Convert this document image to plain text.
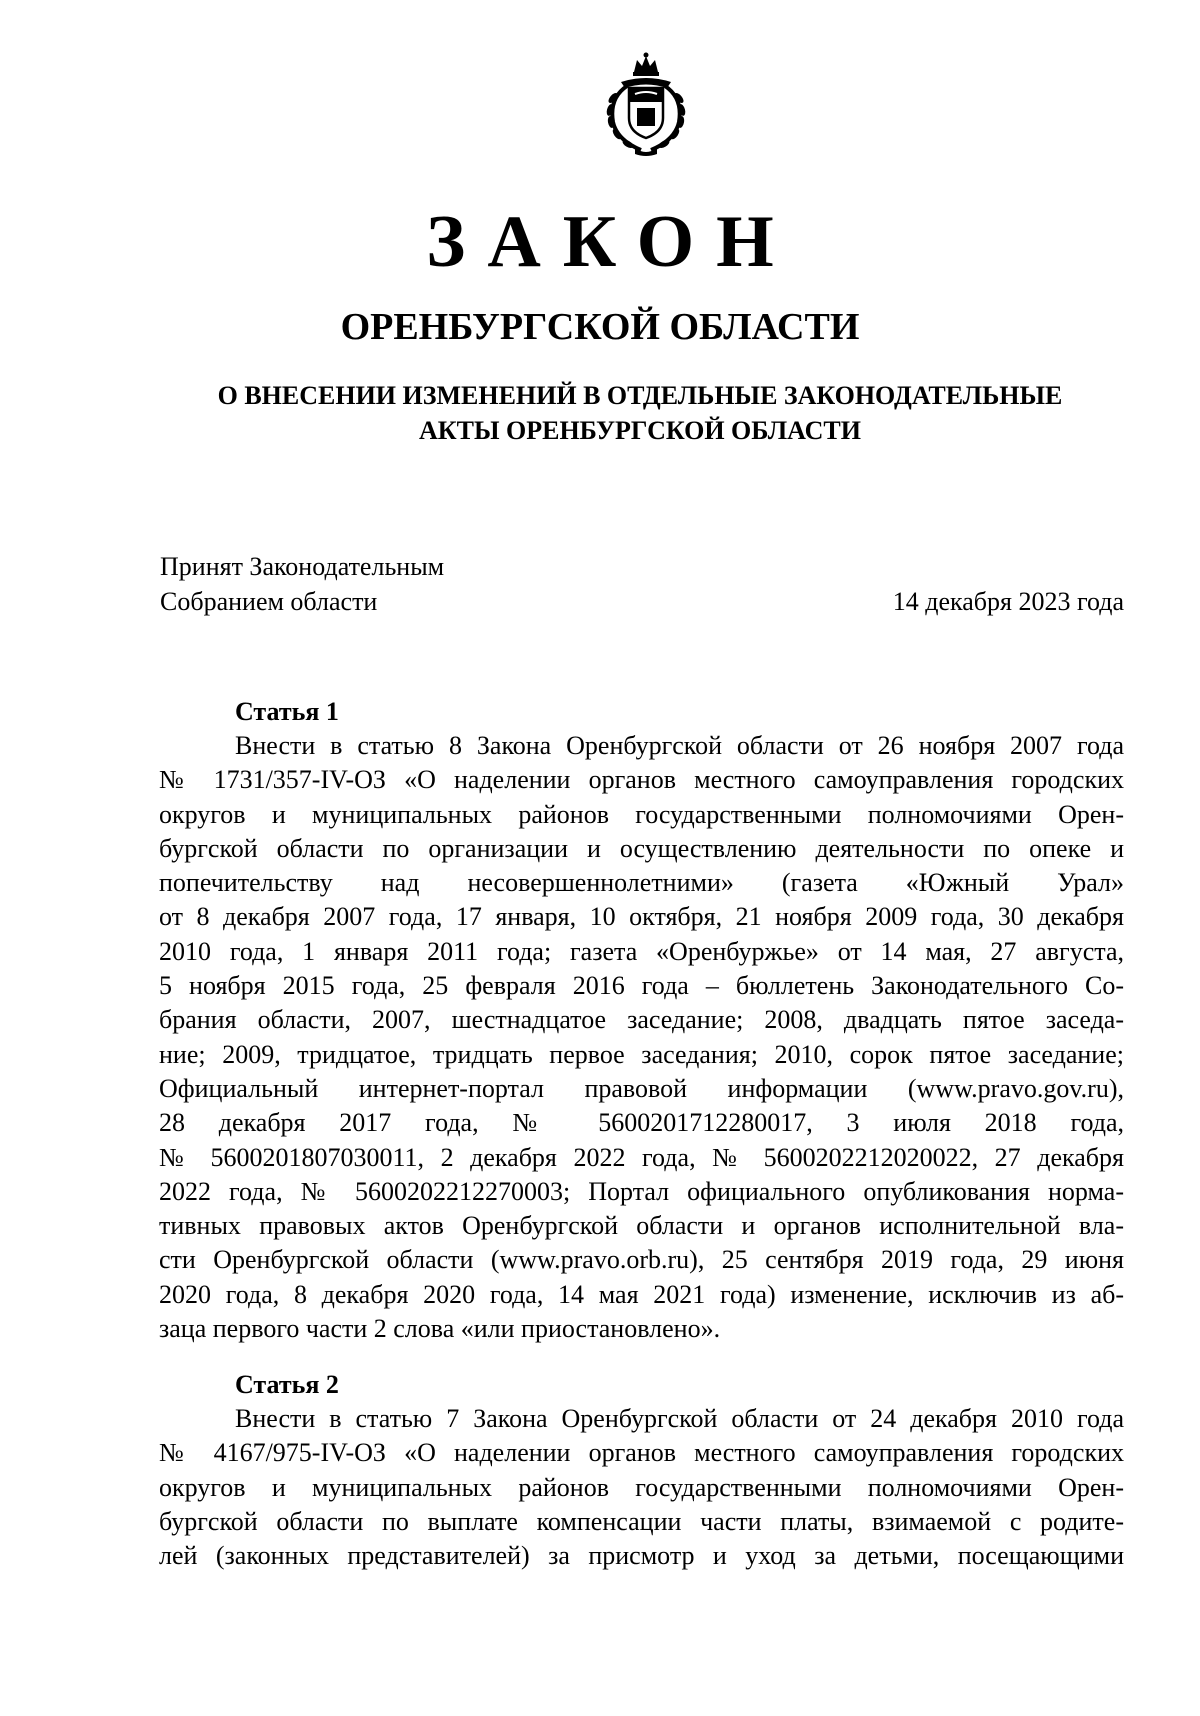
ЗАКОН
ОРЕНБУРГСКОЙ ОБЛАСТИ
О ВНЕСЕНИИ ИЗМЕНЕНИЙ В ОТДЕЛЬНЫЕ ЗАКОНОДАТЕЛЬНЫЕ
АКТЫ ОРЕНБУРГСКОЙ ОБЛАСТИ
Принят Законодательным
Собранием области	14 декабря 2023 года
Статья 1
Внести в статью 8 Закона Оренбургской области от 26 ноября 2007 года
№ 1731/357-IV-ОЗ «О наделении органов местного самоуправления городских
округов и муниципальных районов государственными полномочиями Орен-
бургской области по организации и осуществлению деятельности по опеке и
попечительству над несовершеннолетними» (газета «Южный Урал»
от 8 декабря 2007 года, 17 января, 10 октября, 21 ноября 2009 года, 30 декабря
2010 года, 1 января 2011 года; газета «Оренбуржье» от 14 мая, 27 августа,
5 ноября 2015 года, 25 февраля 2016 года – бюллетень Законодательного Со-
брания области, 2007, шестнадцатое заседание; 2008, двадцать пятое заседа-
ние; 2009, тридцатое, тридцать первое заседания; 2010, сорок пятое заседание;
Официальный интернет-портал правовой информации (www.pravo.gov.ru),
28 декабря 2017 года, № 5600201712280017, 3 июля 2018 года,
№ 5600201807030011, 2 декабря 2022 года, № 5600202212020022, 27 декабря
2022 года, № 5600202212270003; Портал официального опубликования норма-
тивных правовых актов Оренбургской области и органов исполнительной вла-
сти Оренбургской области (www.pravo.orb.ru), 25 сентября 2019 года, 29 июня
2020 года, 8 декабря 2020 года, 14 мая 2021 года) изменение, исключив из аб-
заца первого части 2 слова «или приостановлено».
Статья 2
Внести в статью 7 Закона Оренбургской области от 24 декабря 2010 года
№ 4167/975-IV-ОЗ «О наделении органов местного самоуправления городских
округов и муниципальных районов государственными полномочиями Орен-
бургской области по выплате компенсации части платы, взимаемой с родите-
лей (законных представителей) за присмотр и уход за детьми, посещающими
